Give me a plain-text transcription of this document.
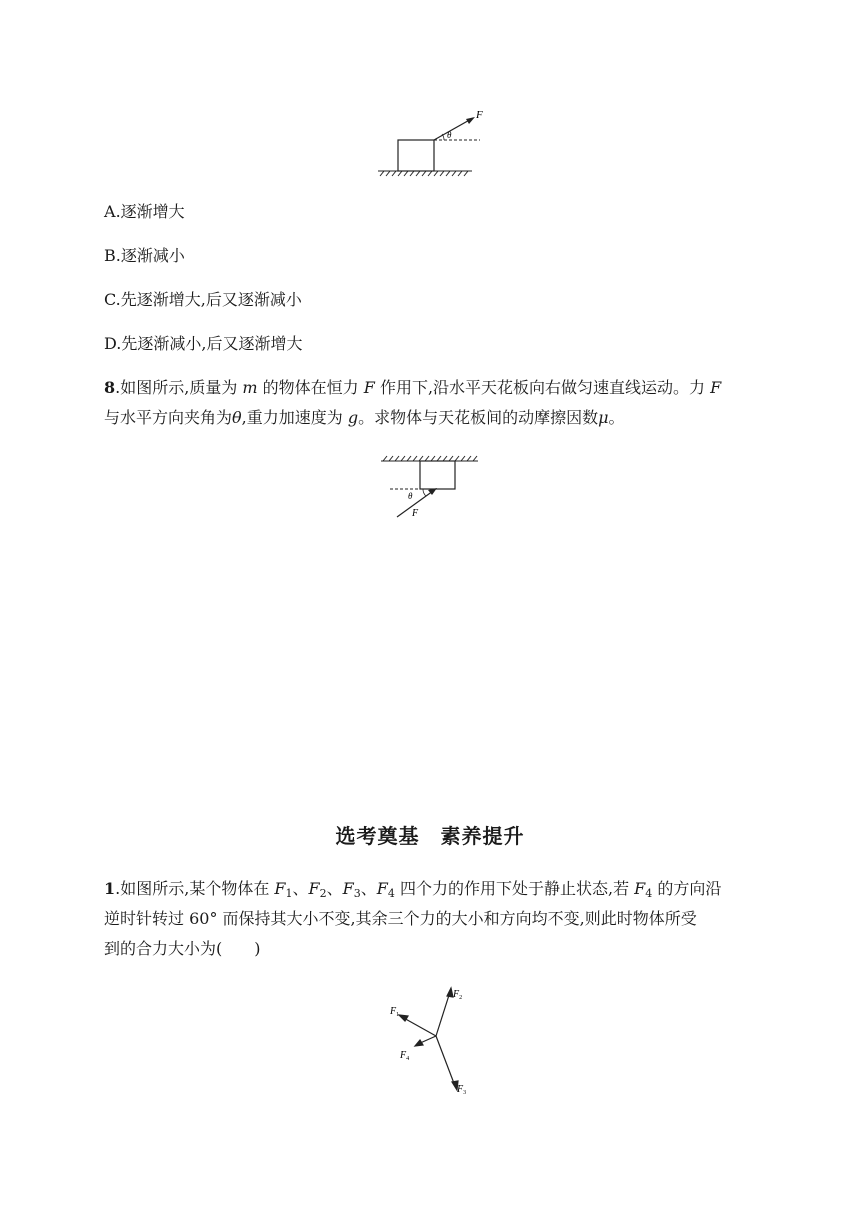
F
θ
A.逐渐增大
B.逐渐减小
C.先逐渐增大,后又逐渐减小
D.先逐渐减小,后又逐渐增大
8.如图所示,质量为 m 的物体在恒力 F 作用下,沿水平天花板向右做匀速直线运动。力 F
与水平方向夹角为θ,重力加速度为 g。求物体与天花板间的动摩擦因数μ。
θ
F
选考奠基　素养提升
1.如图所示,某个物体在 $F_1$、$F_2$、$F_3$、$F_4$ 四个力的作用下处于静止状态,若 $F_4$ 的方向沿
逆时针转过 60° 而保持其大小不变,其余三个力的大小和方向均不变,则此时物体所受
到的合力大小为(　　)
$F_1$
$F_2$
$F_3$
$F_4$
